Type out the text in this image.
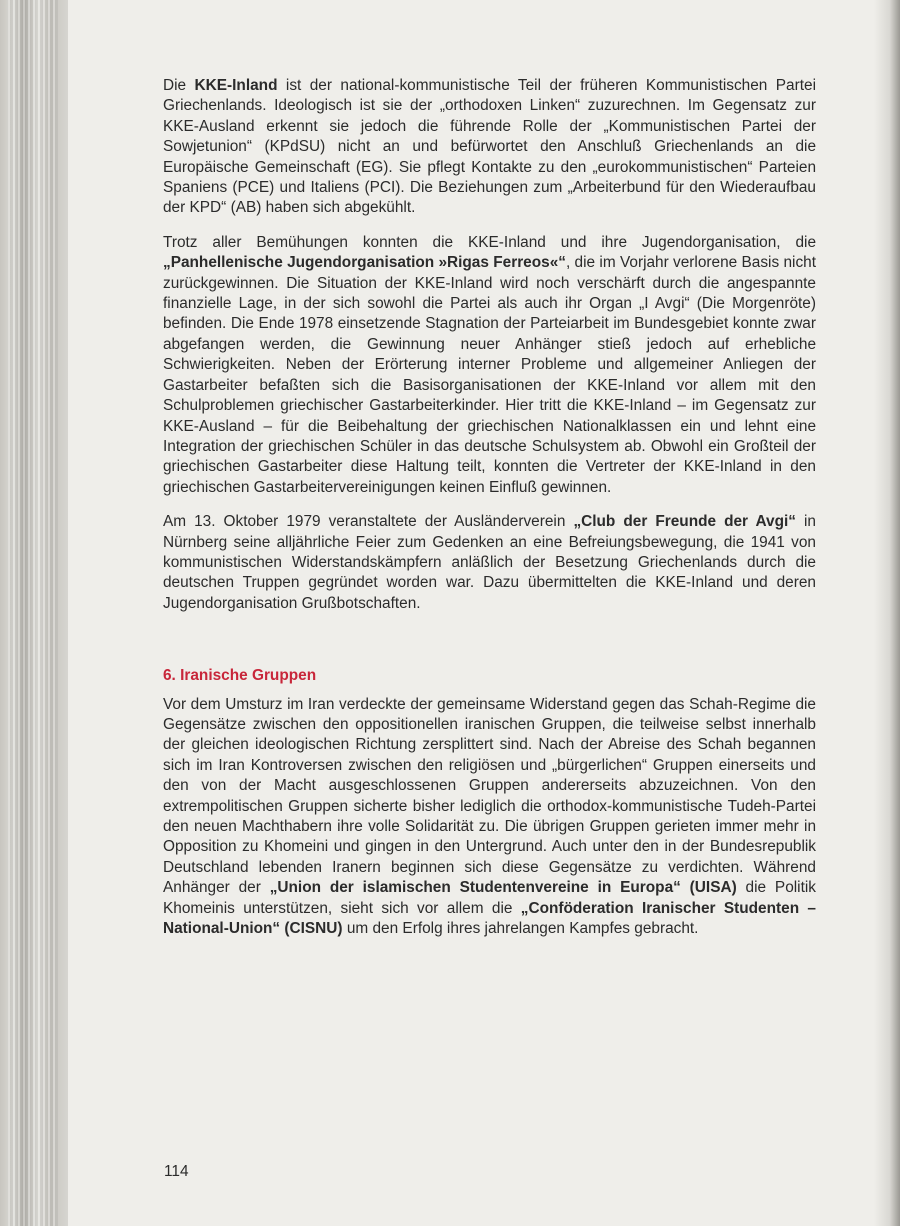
Die KKE-Inland ist der national-kommunistische Teil der früheren Kommunistischen Partei Griechenlands. Ideologisch ist sie der „orthodoxen Linken“ zuzurechnen. Im Gegensatz zur KKE-Ausland erkennt sie jedoch die führende Rolle der „Kommunistischen Partei der Sowjetunion“ (KPdSU) nicht an und befürwortet den Anschluß Griechenlands an die Europäische Gemeinschaft (EG). Sie pflegt Kontakte zu den „eurokommunistischen“ Parteien Spaniens (PCE) und Italiens (PCI). Die Beziehungen zum „Arbeiterbund für den Wiederaufbau der KPD“ (AB) haben sich abgekühlt.

Trotz aller Bemühungen konnten die KKE-Inland und ihre Jugendorganisation, die „Panhellenische Jugendorganisation »Rigas Ferreos«“, die im Vorjahr verlorene Basis nicht zurückgewinnen. Die Situation der KKE-Inland wird noch verschärft durch die angespannte finanzielle Lage, in der sich sowohl die Partei als auch ihr Organ „I Avgi“ (Die Morgenröte) befinden. Die Ende 1978 einsetzende Stagnation der Parteiarbeit im Bundesgebiet konnte zwar abgefangen werden, die Gewinnung neuer Anhänger stieß jedoch auf erhebliche Schwierigkeiten. Neben der Erörterung interner Probleme und allgemeiner Anliegen der Gastarbeiter befaßten sich die Basisorganisationen der KKE-Inland vor allem mit den Schulproblemen griechischer Gastarbeiterkinder. Hier tritt die KKE-Inland – im Gegensatz zur KKE-Ausland – für die Beibehaltung der griechischen Nationalklassen ein und lehnt eine Integration der griechischen Schüler in das deutsche Schulsystem ab. Obwohl ein Großteil der griechischen Gastarbeiter diese Haltung teilt, konnten die Vertreter der KKE-Inland in den griechischen Gastarbeitervereinigungen keinen Einfluß gewinnen.

Am 13. Oktober 1979 veranstaltete der Ausländerverein „Club der Freunde der Avgi“ in Nürnberg seine alljährliche Feier zum Gedenken an eine Befreiungsbewegung, die 1941 von kommunistischen Widerstandskämpfern anläßlich der Besetzung Griechenlands durch die deutschen Truppen gegründet worden war. Dazu übermittelten die KKE-Inland und deren Jugendorganisation Grußbotschaften.

6. Iranische Gruppen

Vor dem Umsturz im Iran verdeckte der gemeinsame Widerstand gegen das Schah-Regime die Gegensätze zwischen den oppositionellen iranischen Gruppen, die teilweise selbst innerhalb der gleichen ideologischen Richtung zersplittert sind. Nach der Abreise des Schah begannen sich im Iran Kontroversen zwischen den religiösen und „bürgerlichen“ Gruppen einerseits und den von der Macht ausgeschlossenen Gruppen andererseits abzuzeichnen. Von den extrempolitischen Gruppen sicherte bisher lediglich die orthodox-kommunistische Tudeh-Partei den neuen Machthabern ihre volle Solidarität zu. Die übrigen Gruppen gerieten immer mehr in Opposition zu Khomeini und gingen in den Untergrund. Auch unter den in der Bundesrepublik Deutschland lebenden Iranern beginnen sich diese Gegensätze zu verdichten. Während Anhänger der „Union der islamischen Studentenvereine in Europa“ (UISA) die Politik Khomeinis unterstützen, sieht sich vor allem die „Conföderation Iranischer Studenten – National-Union“ (CISNU) um den Erfolg ihres jahrelangen Kampfes gebracht.

114
